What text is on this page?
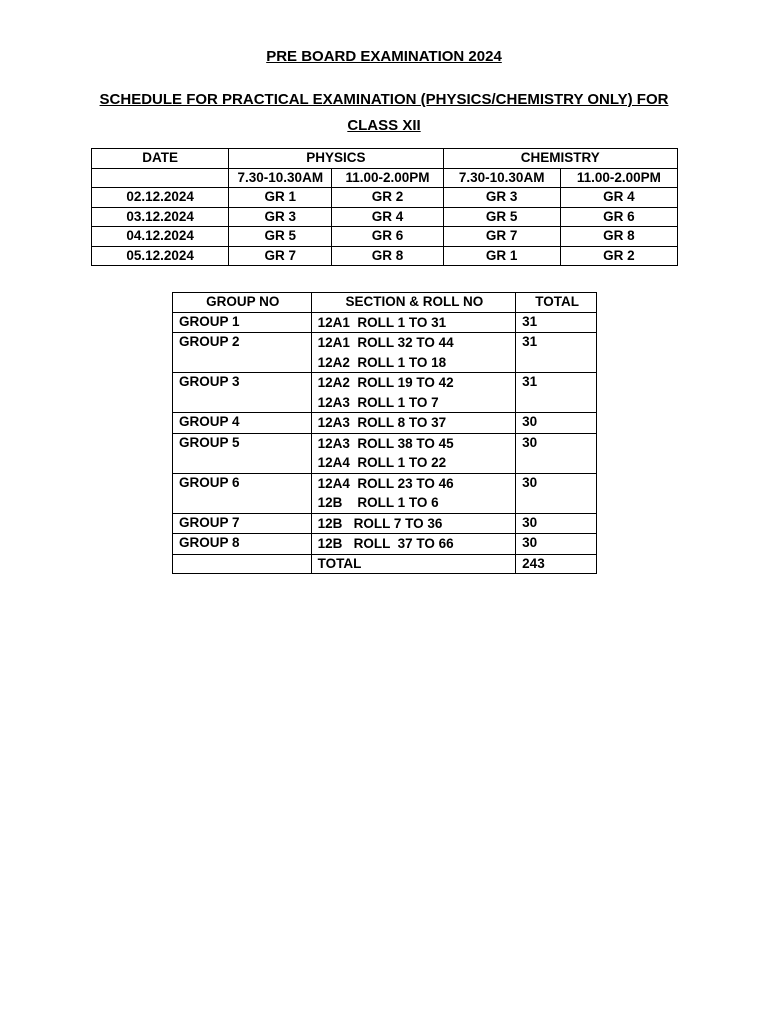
PRE BOARD EXAMINATION 2024
SCHEDULE FOR PRACTICAL EXAMINATION (PHYSICS/CHEMISTRY ONLY) FOR CLASS XII
DATE	PHYSICS		CHEMISTRY	
	7.30-10.30AM	11.00-2.00PM	7.30-10.30AM	11.00-2.00PM
02.12.2024	GR 1	GR 2	GR 3	GR 4
03.12.2024	GR 3	GR 4	GR 5	GR 6
04.12.2024	GR 5	GR 6	GR 7	GR 8
05.12.2024	GR 7	GR 8	GR 1	GR 2
GROUP NO	SECTION & ROLL NO	TOTAL
GROUP 1	12A1  ROLL 1 TO 31	31
GROUP 2	12A1  ROLL 32 TO 44
12A2  ROLL 1 TO 18	31
GROUP 3	12A2  ROLL 19 TO 42
12A3  ROLL 1 TO 7	31
GROUP 4	12A3  ROLL 8 TO 37	30
GROUP 5	12A3  ROLL 38 TO 45
12A4  ROLL 1 TO 22	30
GROUP 6	12A4  ROLL 23 TO 46
12B    ROLL 1 TO 6	30
GROUP 7	12B   ROLL 7 TO 36	30
GROUP 8	12B   ROLL  37 TO 66	30
	TOTAL	243
